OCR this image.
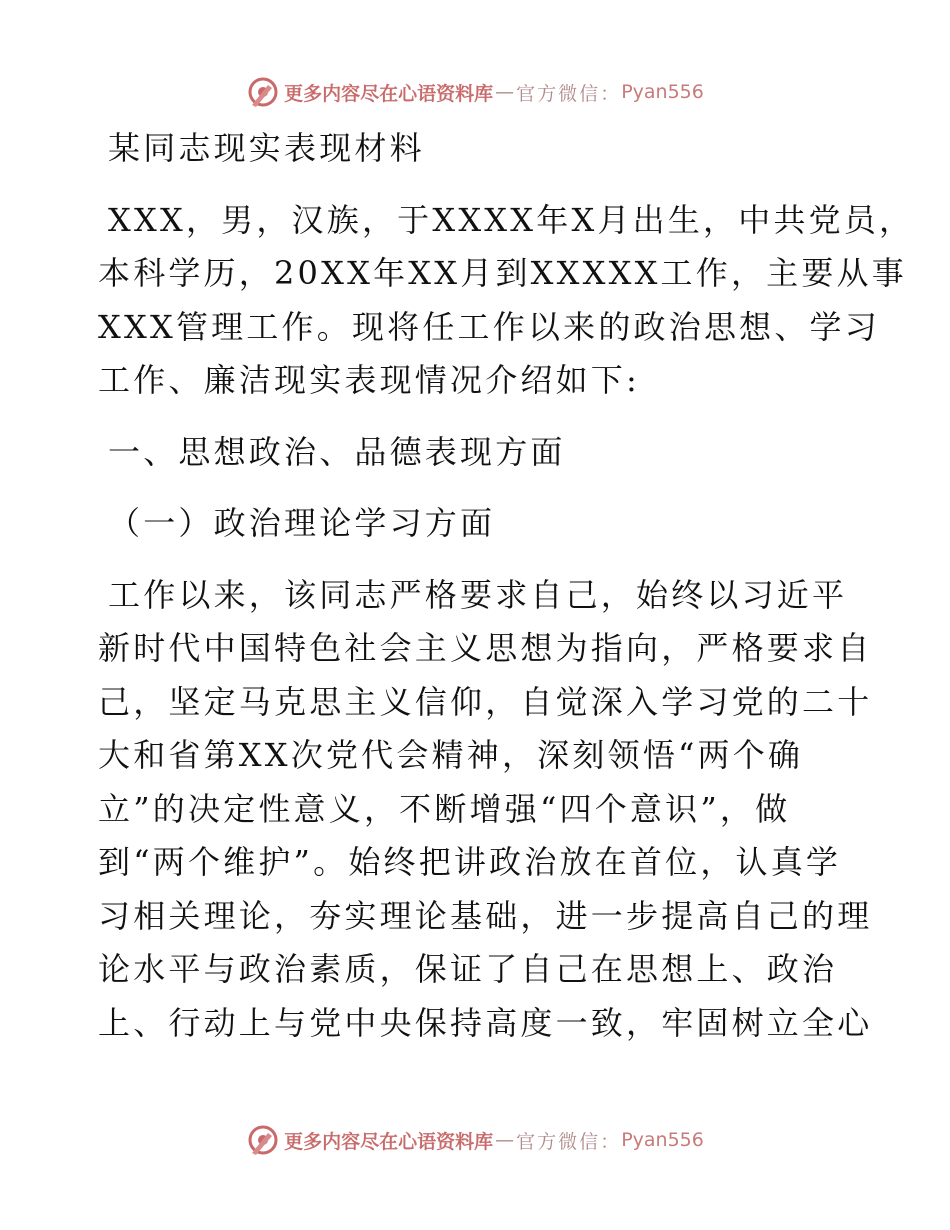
更多内容尽在心语资料库 — 官方微信： Pyan556

某同志现实表现材料

XXX，男，汉族，于XXXX年X月出生，中共党员，

本科学历，20XX年XX月到XXXXX工作，主要从事

XXX管理工作。现将任工作以来的政治思想、学习

工作、廉洁现实表现情况介绍如下:

一、思想政治、品德表现方面

（一）政治理论学习方面

工作以来，该同志严格要求自己，始终以习近平

新时代中国特色社会主义思想为指向，严格要求自

己，坚定马克思主义信仰，自觉深入学习党的二十

大和省第XX次党代会精神，深刻领悟“两个确

立”的决定性意义，不断增强“四个意识”，做

到“两个维护”。始终把讲政治放在首位，认真学

习相关理论，夯实理论基础，进一步提高自己的理

论水平与政治素质，保证了自己在思想上、政治

上、行动上与党中央保持高度一致，牢固树立全心

更多内容尽在心语资料库 — 官方微信： Pyan556
